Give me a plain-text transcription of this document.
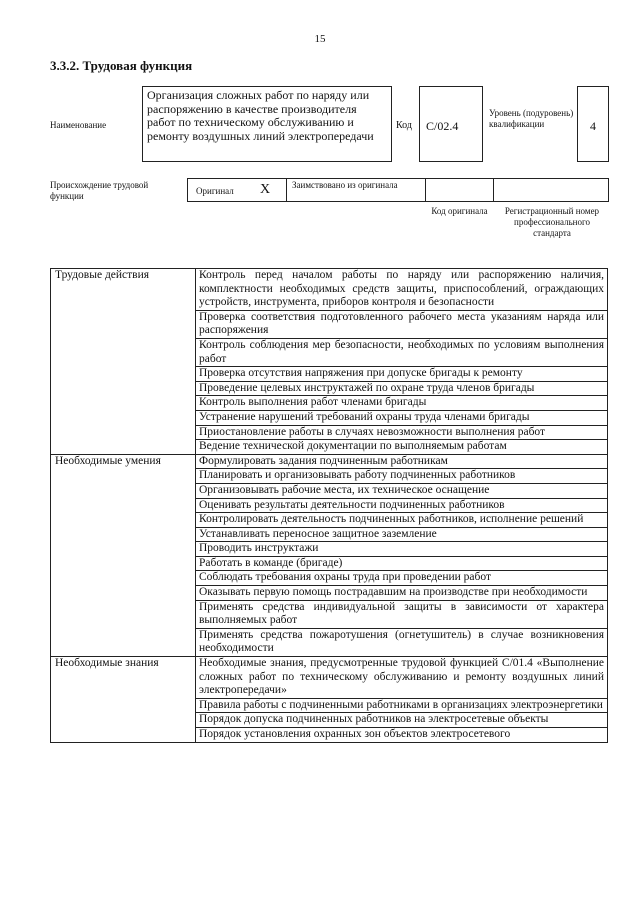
15
3.3.2. Трудовая функция
Наименование
Организация сложных работ по наряду или распоряжению в качестве производителя работ по техническому обслуживанию и ремонту воздушных линий электропередачи
Код	С/02.4
Уровень (подуровень) квалификации	4
Происхождение трудовой функции	Оригинал X	Заимствовано из оригинала
Код оригинала	Регистрационный номер профессионального стандарта
Трудовые действия	Контроль перед началом работы по наряду или распоряжению наличия, комплектности необходимых средств защиты, приспособлений, ограждающих устройств, инструмента, приборов контроля и безопасности
	Проверка соответствия подготовленного рабочего места указаниям наряда или распоряжения
	Контроль соблюдения мер безопасности, необходимых по условиям выполнения работ
	Проверка отсутствия напряжения при допуске бригады к ремонту
	Проведение целевых инструктажей по охране труда членов бригады
	Контроль выполнения работ членами бригады
	Устранение нарушений требований охраны труда членами бригады
	Приостановление работы в случаях невозможности выполнения работ
	Ведение технической документации по выполняемым работам
Необходимые умения	Формулировать задания подчиненным работникам
	Планировать и организовывать работу подчиненных работников
	Организовывать рабочие места, их техническое оснащение
	Оценивать результаты деятельности подчиненных работников
	Контролировать деятельность подчиненных работников, исполнение решений
	Устанавливать переносное защитное заземление
	Проводить инструктажи
	Работать в команде (бригаде)
	Соблюдать требования охраны труда при проведении работ
	Оказывать первую помощь пострадавшим на производстве при необходимости
	Применять средства индивидуальной защиты в зависимости от характера выполняемых работ
	Применять средства пожаротушения (огнетушитель) в случае возникновения необходимости
Необходимые знания	Необходимые знания, предусмотренные трудовой функцией С/01.4 «Выполнение сложных работ по техническому обслуживанию и ремонту воздушных линий электропередачи»
	Правила работы с подчиненными работниками в организациях электроэнергетики
	Порядок допуска подчиненных работников на электросетевые объекты
	Порядок установления охранных зон объектов электросетевого
